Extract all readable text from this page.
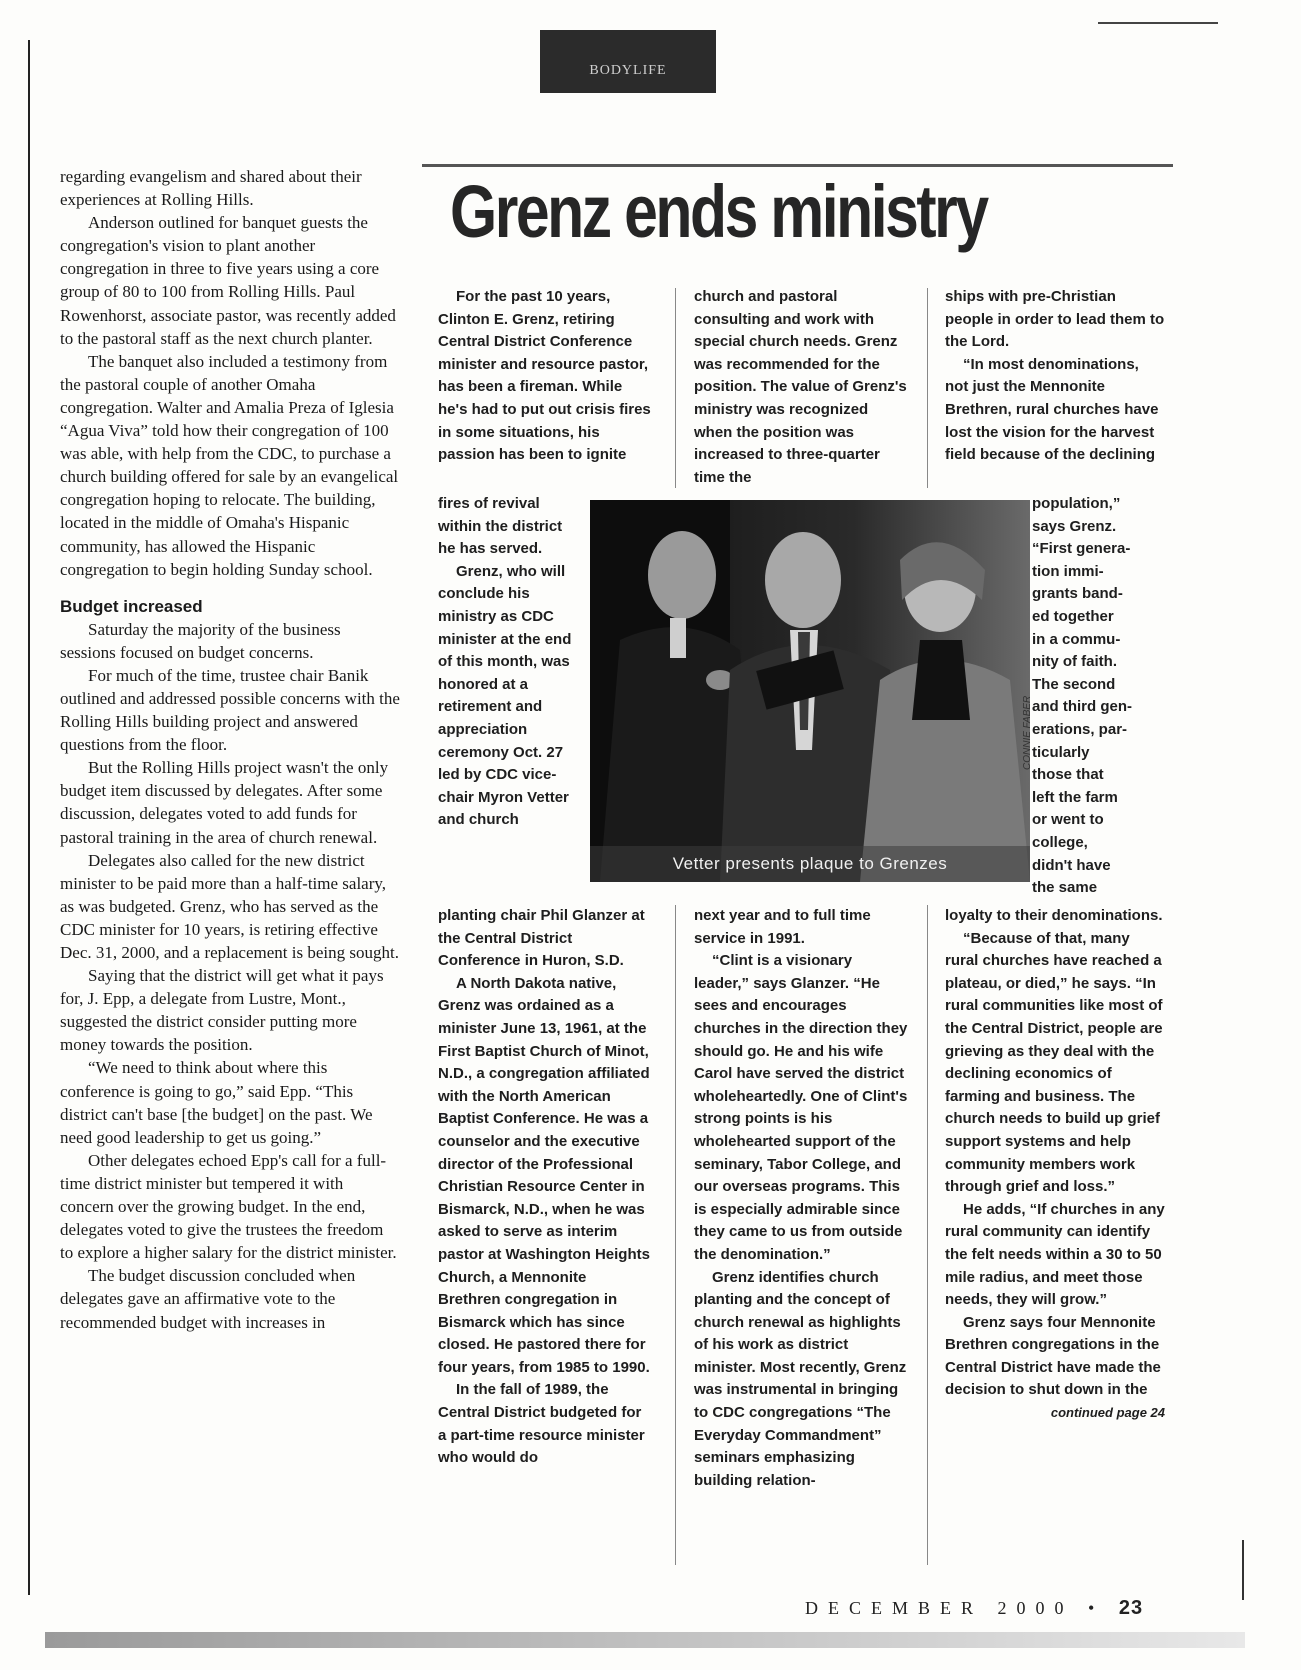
BODYLIFE

regarding evangelism and shared about their experiences at Rolling Hills.

Anderson outlined for banquet guests the congregation's vision to plant another congregation in three to five years using a core group of 80 to 100 from Rolling Hills. Paul Rowenhorst, associate pastor, was recently added to the pastoral staff as the next church planter.

The banquet also included a testimony from the pastoral couple of another Omaha congregation. Walter and Amalia Preza of Iglesia “Agua Viva” told how their congregation of 100 was able, with help from the CDC, to purchase a church building offered for sale by an evangelical congregation hoping to relocate. The building, located in the middle of Omaha's Hispanic community, has allowed the Hispanic congregation to begin holding Sunday school.

Budget increased

Saturday the majority of the business sessions focused on budget concerns.

For much of the time, trustee chair Banik outlined and addressed possible concerns with the Rolling Hills building project and answered questions from the floor.

But the Rolling Hills project wasn't the only budget item discussed by delegates. After some discussion, delegates voted to add funds for pastoral training in the area of church renewal.

Delegates also called for the new district minister to be paid more than a half-time salary, as was budgeted. Grenz, who has served as the CDC minister for 10 years, is retiring effective Dec. 31, 2000, and a replacement is being sought.

Saying that the district will get what it pays for, J. Epp, a delegate from Lustre, Mont., suggested the district consider putting more money towards the position.

“We need to think about where this conference is going to go,” said Epp. “This district can't base [the budget] on the past. We need good leadership to get us going.”

Other delegates echoed Epp's call for a full-time district minister but tempered it with concern over the growing budget. In the end, delegates voted to give the trustees the freedom to explore a higher salary for the district minister.

The budget discussion concluded when delegates gave an affirmative vote to the recommended budget with increases in

Grenz ends ministry

For the past 10 years, Clinton E. Grenz, retiring Central District Conference minister and resource pastor, has been a fireman. While he's had to put out crisis fires in some situations, his passion has been to ignite

church and pastoral consulting and work with special church needs. Grenz was recommended for the position. The value of Grenz's ministry was recognized when the position was increased to three-quarter time the

ships with pre-Christian people in order to lead them to the Lord.

“In most denominations, not just the Mennonite Brethren, rural churches have lost the vision for the harvest field because of the declining

fires of revival within the district he has served.

Grenz, who will conclude his ministry as CDC minister at the end of this month, was honored at a retirement and appreciation ceremony Oct. 27 led by CDC vice-chair Myron Vetter and church

Vetter presents plaque to Grenzes
CONNIE FABER
population,”
says Grenz.
“First genera-
tion immi-
grants band-
ed together
in a commu-
nity of faith.
The second
and third gen-
erations, par-
ticularly
those that
left the farm
or went to
college,
didn't have
the same

planting chair Phil Glanzer at the Central District Conference in Huron, S.D.

A North Dakota native, Grenz was ordained as a minister June 13, 1961, at the First Baptist Church of Minot, N.D., a congregation affiliated with the North American Baptist Conference. He was a counselor and the executive director of the Professional Christian Resource Center in Bismarck, N.D., when he was asked to serve as interim pastor at Washington Heights Church, a Mennonite Brethren congregation in Bismarck which has since closed. He pastored there for four years, from 1985 to 1990.

In the fall of 1989, the Central District budgeted for a part-time resource minister who would do

next year and to full time service in 1991.

“Clint is a visionary leader,” says Glanzer. “He sees and encourages churches in the direction they should go. He and his wife Carol have served the district wholeheartedly. One of Clint's strong points is his wholehearted support of the seminary, Tabor College, and our overseas programs. This is especially admirable since they came to us from outside the denomination.”

Grenz identifies church planting and the concept of church renewal as highlights of his work as district minister. Most recently, Grenz was instrumental in bringing to CDC congregations “The Everyday Commandment” seminars emphasizing building relation-

loyalty to their denominations.

“Because of that, many rural churches have reached a plateau, or died,” he says. “In rural communities like most of the Central District, people are grieving as they deal with the declining economics of farming and business. The church needs to build up grief support systems and help community members work through grief and loss.”

He adds, “If churches in any rural community can identify the felt needs within a 30 to 50 mile radius, and meet those needs, they will grow.”

Grenz says four Mennonite Brethren congregations in the Central District have made the decision to shut down in the

continued page 24
DECEMBER 2000 • 23
